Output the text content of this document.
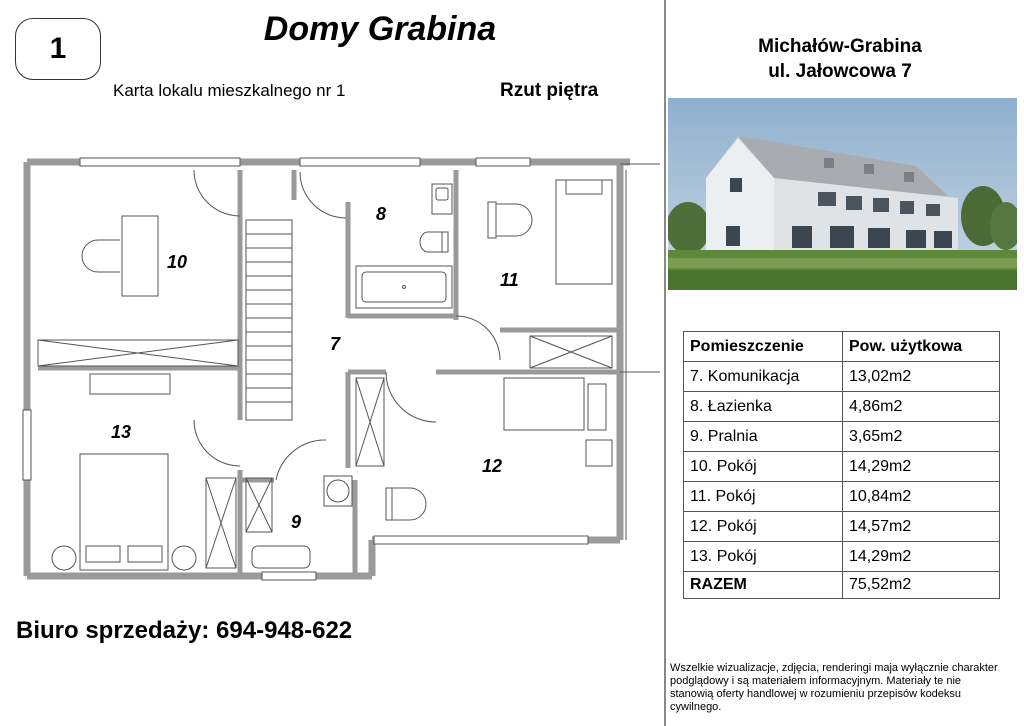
1
Domy Grabina
Karta lokalu mieszkalnego nr 1	Rzut piętra
Michałów-Grabina
ul. Jałowcowa 7
Pomieszczenie	Pow. użytkowa
7. Komunikacja	13,02m2
8. Łazienka	4,86m2
9. Pralnia	3,65m2
10. Pokój	14,29m2
11. Pokój	10,84m2
12. Pokój	14,57m2
13. Pokój	14,29m2
RAZEM	75,52m2
Biuro sprzedaży: 694-948-622
Wszelkie wizualizacje, zdjęcia, renderingi maja wyłącznie charakter podglądowy i są materiałem informacyjnym. Materiały te nie stanowią oferty handlowej w rozumieniu przepisów kodeksu cywilnego.
7
8
9
10
11
12
13
